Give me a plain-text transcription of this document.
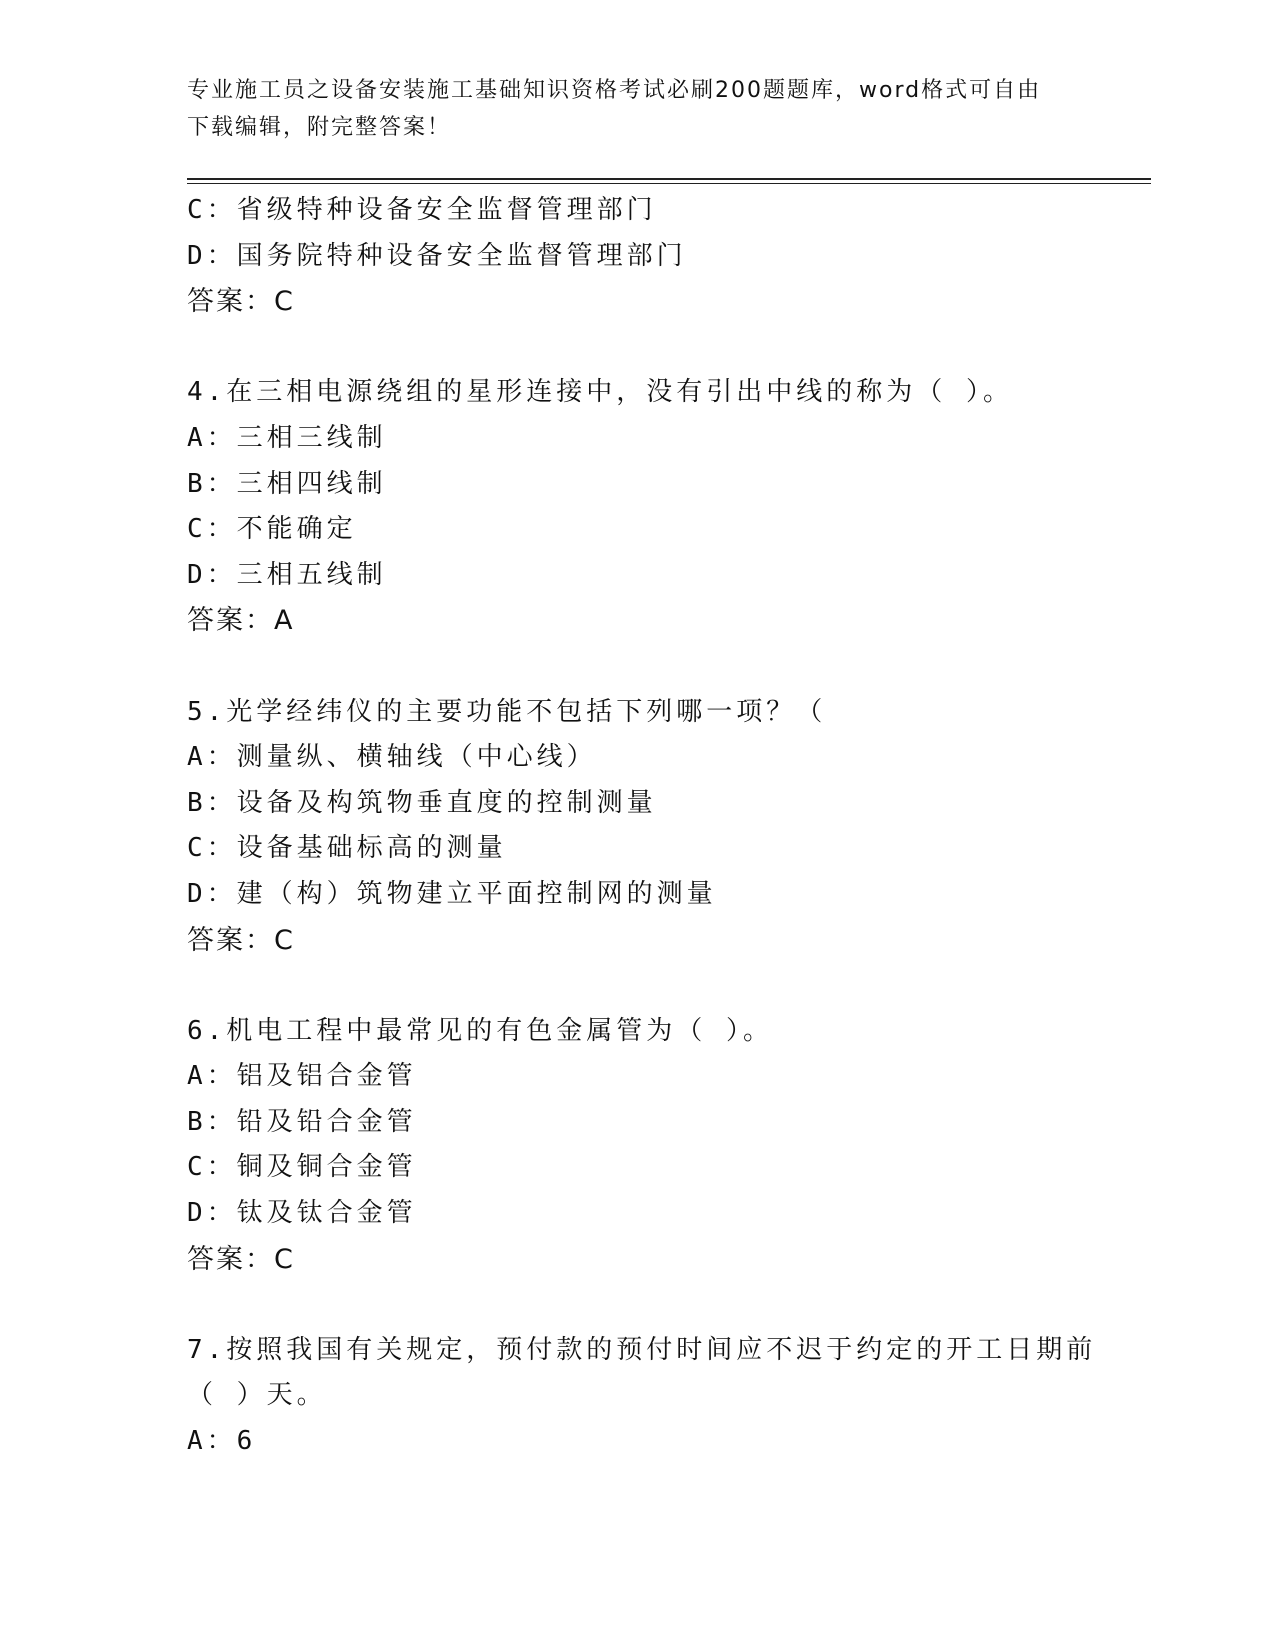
专业施工员之设备安装施工基础知识资格考试必刷200题题库，word格式可自由
下载编辑，附完整答案！
C：省级特种设备安全监督管理部门
D：国务院特种设备安全监督管理部门
答案：C
4.在三相电源绕组的星形连接中，没有引出中线的称为（ ）。
A：三相三线制
B：三相四线制
C：不能确定
D：三相五线制
答案：A
5.光学经纬仪的主要功能不包括下列哪一项？（
A：测量纵、横轴线（中心线）
B：设备及构筑物垂直度的控制测量
C：设备基础标高的测量
D：建（构）筑物建立平面控制网的测量
答案：C
6.机电工程中最常见的有色金属管为（ ）。
A：铝及铝合金管
B：铅及铅合金管
C：铜及铜合金管
D：钛及钛合金管
答案：C
7.按照我国有关规定，预付款的预付时间应不迟于约定的开工日期前
（ ）天。
A：6
